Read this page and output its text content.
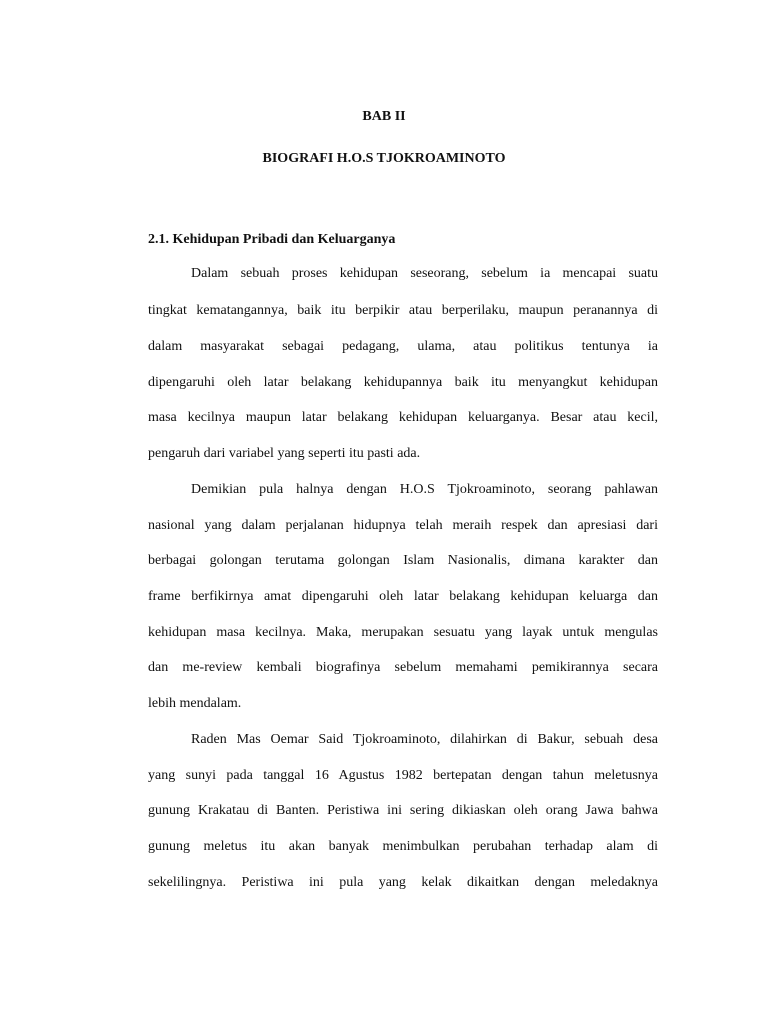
BAB II
BIOGRAFI H.O.S TJOKROAMINOTO
2.1. Kehidupan Pribadi dan Keluarganya
Dalam sebuah proses kehidupan seseorang, sebelum ia mencapai suatu
tingkat kematangannya, baik itu berpikir atau berperilaku, maupun peranannya di
dalam masyarakat sebagai pedagang, ulama, atau politikus tentunya ia
dipengaruhi oleh latar belakang kehidupannya baik itu menyangkut kehidupan
masa kecilnya maupun latar belakang kehidupan keluarganya. Besar atau kecil,
pengaruh dari variabel yang seperti itu pasti ada.
Demikian pula halnya dengan H.O.S Tjokroaminoto, seorang pahlawan
nasional yang dalam perjalanan hidupnya telah meraih respek dan apresiasi dari
berbagai golongan terutama golongan Islam Nasionalis, dimana karakter dan
frame berfikirnya amat dipengaruhi oleh latar belakang kehidupan keluarga dan
kehidupan masa kecilnya. Maka, merupakan sesuatu yang layak untuk mengulas
dan me-review kembali biografinya sebelum memahami pemikirannya secara
lebih mendalam.
Raden Mas Oemar Said Tjokroaminoto, dilahirkan di Bakur, sebuah desa
yang sunyi pada tanggal 16 Agustus 1982 bertepatan dengan tahun meletusnya
gunung Krakatau di Banten. Peristiwa ini sering dikiaskan oleh orang Jawa bahwa
gunung meletus itu akan banyak menimbulkan perubahan terhadap alam di
sekelilingnya. Peristiwa ini pula yang kelak dikaitkan dengan meledaknya
